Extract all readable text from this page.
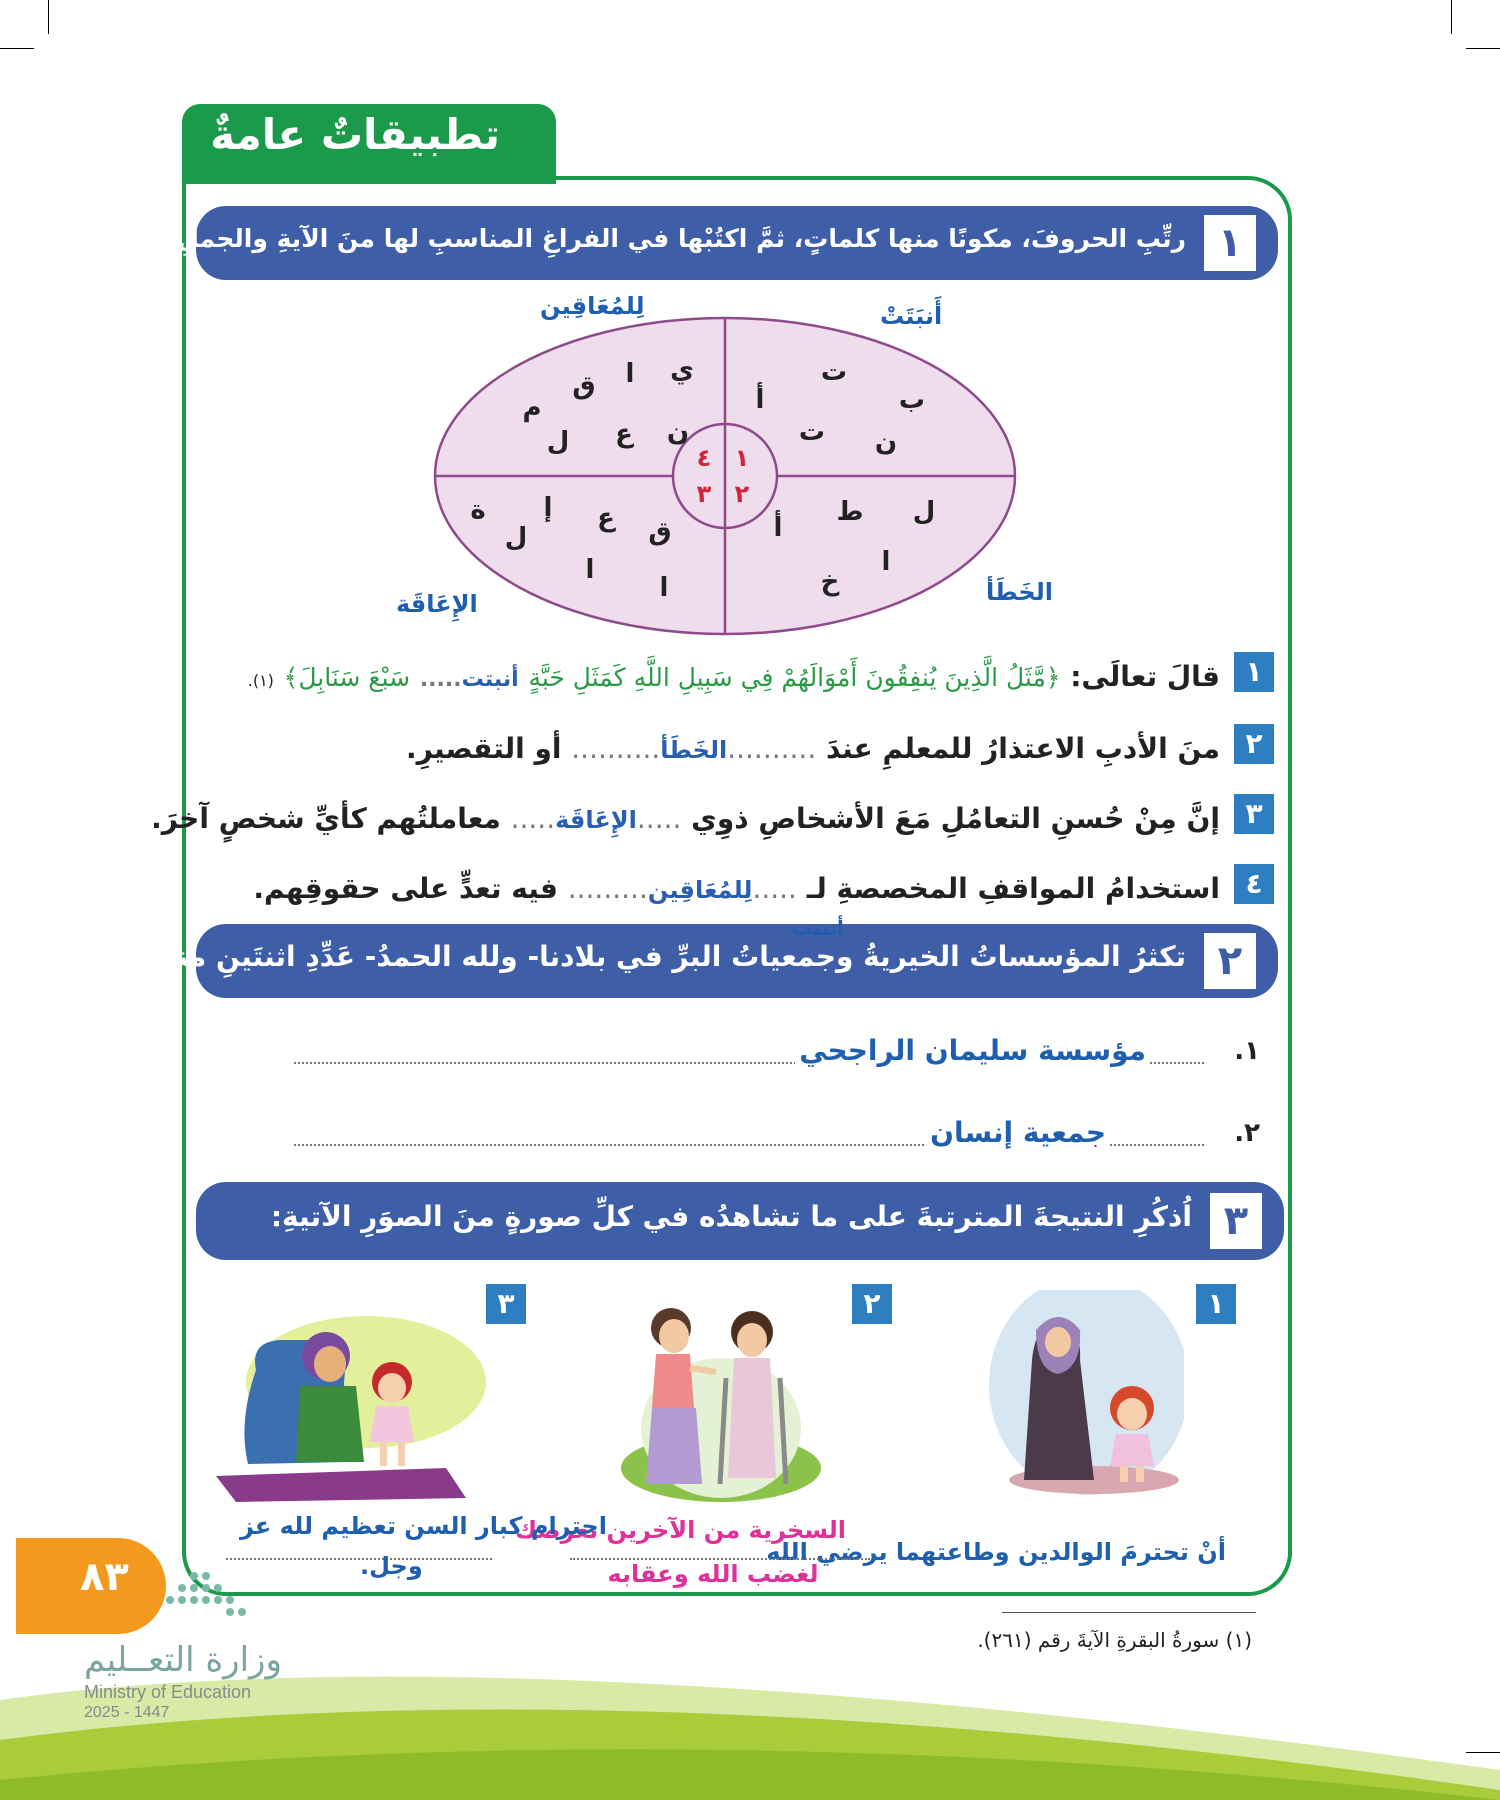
تطبيقاتٌ عامةٌ
١
رتِّبِ الحروفَ، مكونًا منها كلماتٍ، ثمَّ اكتُبْها في الفراغِ المناسبِ لها منَ الآيةِ والجملِ الآتيةِ:
١
٢
٣
٤
ت
ب
أ
ت ن
ي
ا
ق
م
ن
ع
ل
ة إ ع ق
ل
ا
ا
ل
ط
أ
ا
خ
لِلمُعَاقِين	أَنبَتَتْ
الإِعَاقَة	الخَطَأ
١
قالَ تعالَى: ﴿مَّثَلُ الَّذِينَ يُنفِقُونَ أَمْوَالَهُمْ فِي سَبِيلِ اللَّهِ كَمَثَلِ حَبَّةٍ أنبتت..... سَبْعَ سَنَابِلَ﴾ (١).
٢
منَ الأدبِ الاعتذارُ للمعلمِ عندَ ..........الخَطَأ.......... أو التقصيرِ.
٣
إنَّ مِنْ حُسنِ التعامُلِ مَعَ الأشخاصِ ذوِي .....الإِعَاقَة..... معاملتُهم كأيِّ شخصٍ آخرَ.
٤
استخدامُ المواقفِ المخصصةِ لـ .....لِلمُعَاقِين......... فيه تعدٍّ على حقوقِهم.
٢
تكثرُ المؤسساتُ الخيريةُ وجمعياتُ البرِّ في بلادنا- ولله الحمدُ- عَدِّدِ اثنتَينِ منها.
أنبتت
١.
مؤسسة سليمان الراجحي
٢.
جمعية إنسان
٣
اُذكُرِ النتيجةَ المترتبةَ على ما تشاهدُه في كلِّ صورةٍ منَ الصوَرِ الآتيةِ:
١
٢
٣
أنْ تحترمَ الوالدين وطاعتهما يرضي الله
السخرية من الآخرين تعرضك
لغضب الله وعقابه
احترام كبار السن تعظيم لله عز
وجل.
(١) سورةُ البقرةِ الآيةَ رقم (٢٦١).
٨٣
وزارة التعــليم
Ministry of Education
2025 - 1447
